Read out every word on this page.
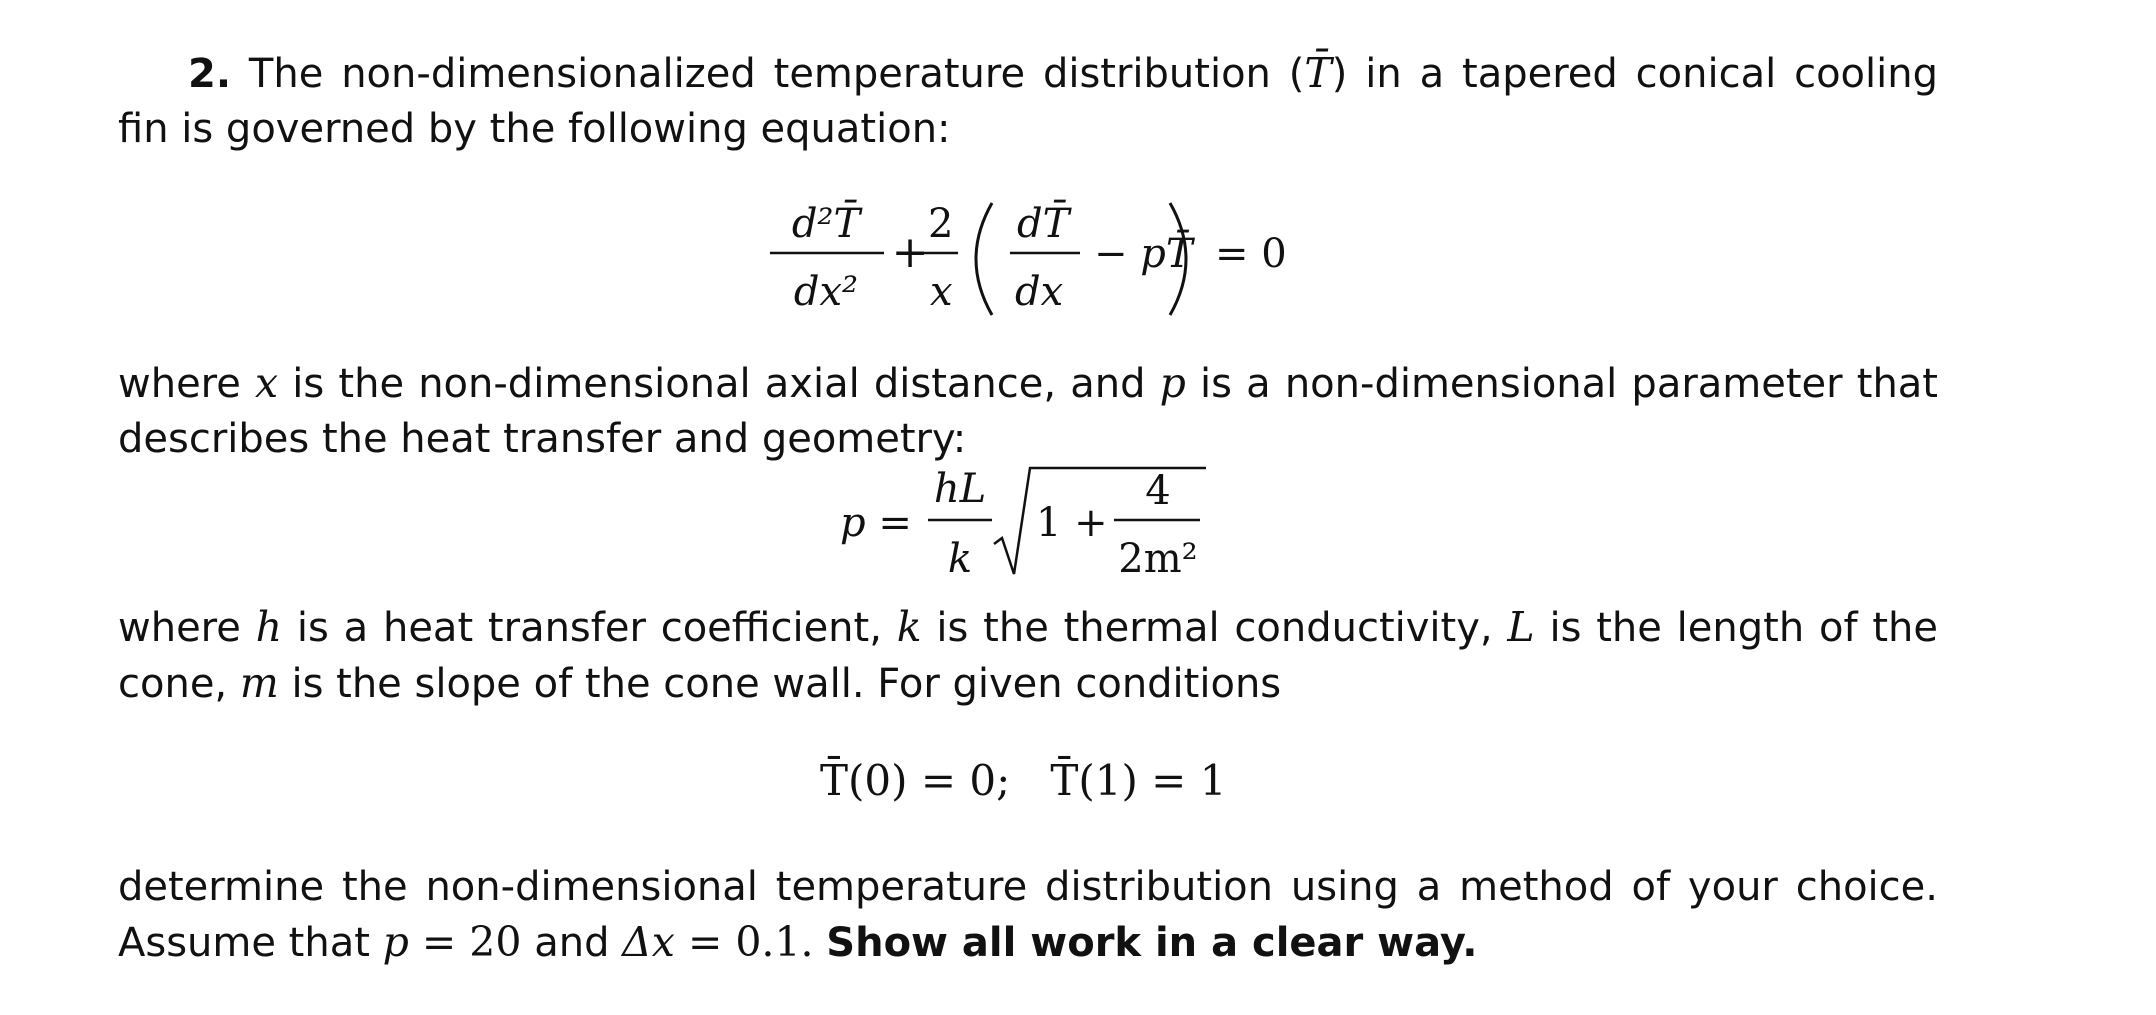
2. The non-dimensionalized temperature distribution (T̄) in a tapered conical cooling fin is governed by the following equation:

d²T̄
dx²
+
2
x
dT̄
dx
− pT̄ = 0

where x is the non-dimensional axial distance, and p is a non-dimensional parameter that describes the heat transfer and geometry:

p =
hL
k
1 +
4
2m²

where h is a heat transfer coefficient, k is the thermal conductivity, L is the length of the cone, m is the slope of the cone wall. For given conditions

T̄(0) = 0;   T̄(1) = 1

determine the non-dimensional temperature distribution using a method of your choice. Assume that p = 20 and Δx = 0.1. Show all work in a clear way.
